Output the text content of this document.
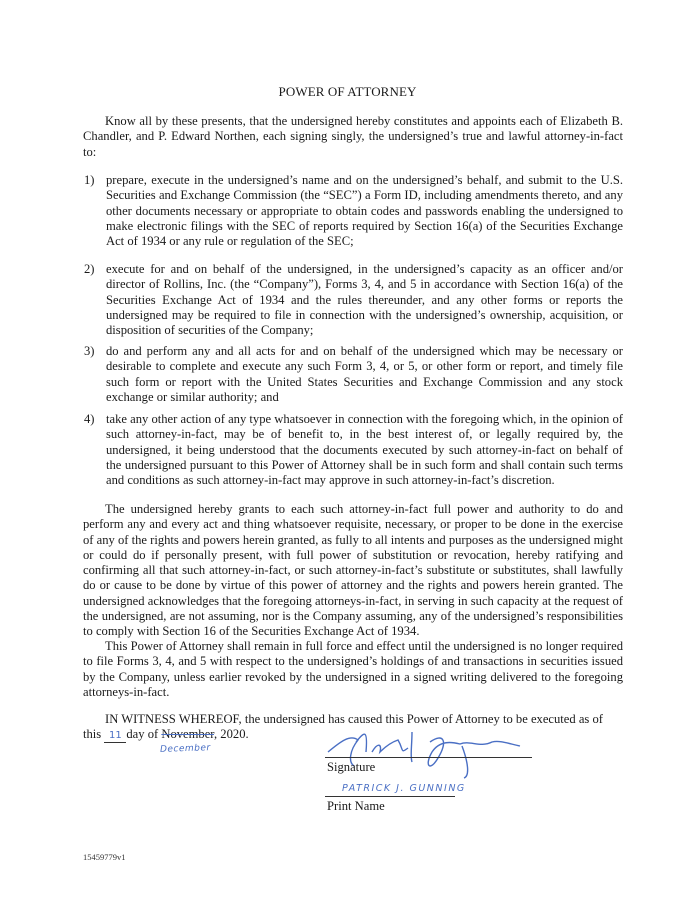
POWER OF ATTORNEY
Know all by these presents, that the undersigned hereby constitutes and appoints each of Elizabeth B. Chandler, and P. Edward Northen, each signing singly, the undersigned’s true and lawful attorney-in-fact to:
1) prepare, execute in the undersigned’s name and on the undersigned’s behalf, and submit to the U.S. Securities and Exchange Commission (the “SEC”) a Form ID, including amendments thereto, and any other documents necessary or appropriate to obtain codes and passwords enabling the undersigned to make electronic filings with the SEC of reports required by Section 16(a) of the Securities Exchange Act of 1934 or any rule or regulation of the SEC;
2) execute for and on behalf of the undersigned, in the undersigned’s capacity as an officer and/or director of Rollins, Inc. (the “Company”), Forms 3, 4, and 5 in accordance with Section 16(a) of the Securities Exchange Act of 1934 and the rules thereunder, and any other forms or reports the undersigned may be required to file in connection with the undersigned’s ownership, acquisition, or disposition of securities of the Company;
3) do and perform any and all acts for and on behalf of the undersigned which may be necessary or desirable to complete and execute any such Form 3, 4, or 5, or other form or report, and timely file such form or report with the United States Securities and Exchange Commission and any stock exchange or similar authority; and
4) take any other action of any type whatsoever in connection with the foregoing which, in the opinion of such attorney-in-fact, may be of benefit to, in the best interest of, or legally required by, the undersigned, it being understood that the documents executed by such attorney-in-fact on behalf of the undersigned pursuant to this Power of Attorney shall be in such form and shall contain such terms and conditions as such attorney-in-fact may approve in such attorney-in-fact’s discretion.
The undersigned hereby grants to each such attorney-in-fact full power and authority to do and perform any and every act and thing whatsoever requisite, necessary, or proper to be done in the exercise of any of the rights and powers herein granted, as fully to all intents and purposes as the undersigned might or could do if personally present, with full power of substitution or revocation, hereby ratifying and confirming all that such attorney-in-fact, or such attorney-in-fact’s substitute or substitutes, shall lawfully do or cause to be done by virtue of this power of attorney and the rights and powers herein granted. The undersigned acknowledges that the foregoing attorneys-in-fact, in serving in such capacity at the request of the undersigned, are not assuming, nor is the Company assuming, any of the undersigned’s responsibilities to comply with Section 16 of the Securities Exchange Act of 1934.
This Power of Attorney shall remain in full force and effect until the undersigned is no longer required to file Forms 3, 4, and 5 with respect to the undersigned’s holdings of and transactions in securities issued by the Company, unless earlier revoked by the undersigned in a signed writing delivered to the foregoing attorneys-in-fact.
IN WITNESS WHEREOF, the undersigned has caused this Power of Attorney to be executed as of
this 11 day of November, 2020.
December
Signature
PATRICK J. GUNNING
Print Name
15459779v1
